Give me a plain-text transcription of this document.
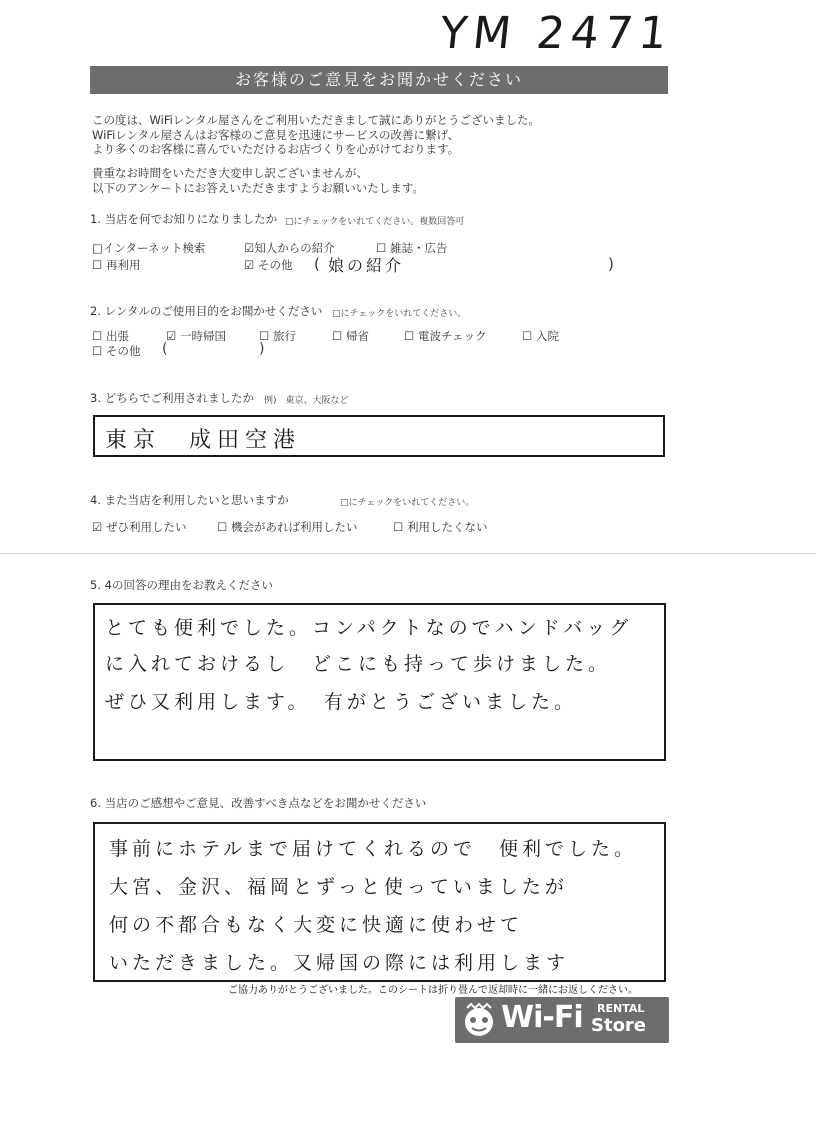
YM 2471
お客様のご意見をお聞かせください
この度は、WiFiレンタル屋さんをご利用いただきまして誠にありがとうございました。
WiFiレンタル屋さんはお客様のご意見を迅速にサービスの改善に繋げ、
より多くのお客様に喜んでいただけるお店づくりを心がけております。
貴重なお時間をいただき大変申し訳ございませんが、
以下のアンケートにお答えいただきますようお願いいたします。
1. 当店を何でお知りになりましたか □にチェックをいれてください。複数回答可
□インターネット検索	☑知人からの紹介	☐ 雑誌・広告
☐ 再利用	☑ その他 ( 娘の紹介	)
2. レンタルのご使用目的をお聞かせください □にチェックをいれてください。
☐ 出張	☑ 一時帰国	☐ 旅行	☐ 帰省	☐ 電波チェック	☐ 入院
☐ その他 (	)
3. どちらでご利用されましたか 例)　東京、大阪など
東京　成田空港
4. また当店を利用したいと思いますか	□にチェックをいれてください。
☑ ぜひ利用したい	☐ 機会があれば利用したい	☐ 利用したくない
5. 4の回答の理由をお教えください
とても便利でした。コンパクトなのでハンドバッグ
に入れておけるし　どこにも持って歩けました。
ぜひ又利用します。　有がとうございました。
6. 当店のご感想やご意見、改善すべき点などをお聞かせください
事前にホテルまで届けてくれるので　便利でした。
大宮、金沢、福岡とずっと使っていましたが
何の不都合もなく大変に快適に使わせて
いただきました。又帰国の際には利用します
ご協力ありがとうございました。このシートは折り畳んで返却時に一緒にお返しください。
Wi-Fi RENTAL
Store
